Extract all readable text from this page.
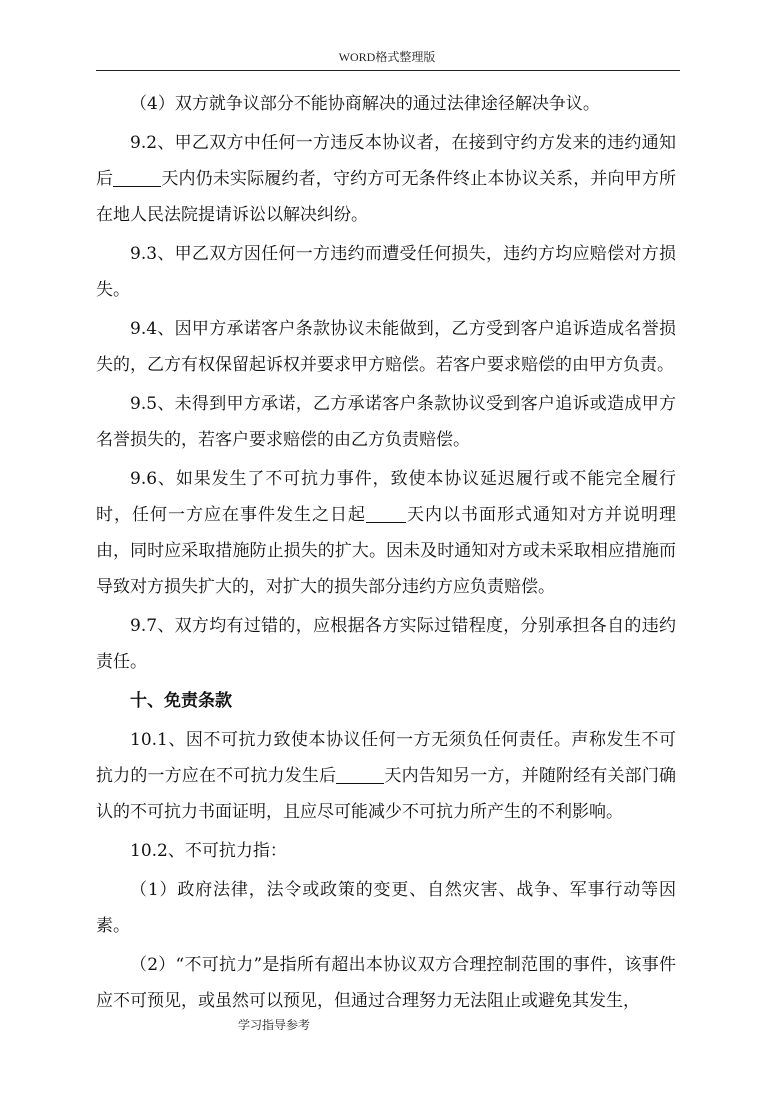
WORD格式整理版

（4）双方就争议部分不能协商解决的通过法律途径解决争议。

9.2、甲乙双方中任何一方违反本协议者，在接到守约方发来的违约通知后	天内仍未实际履约者，守约方可无条件终止本协议关系，并向甲方所在地人民法院提请诉讼以解决纠纷。

9.3、甲乙双方因任何一方违约而遭受任何损失，违约方均应赔偿对方损失。

9.4、因甲方承诺客户条款协议未能做到，乙方受到客户追诉造成名誉损失的，乙方有权保留起诉权并要求甲方赔偿。若客户要求赔偿的由甲方负责。

9.5、未得到甲方承诺，乙方承诺客户条款协议受到客户追诉或造成甲方名誉损失的，若客户要求赔偿的由乙方负责赔偿。

9.6、如果发生了不可抗力事件，致使本协议延迟履行或不能完全履行时，任何一方应在事件发生之日起 天内以书面形式通知对方并说明理由，同时应采取措施防止损失的扩大。因未及时通知对方或未采取相应措施而导致对方损失扩大的，对扩大的损失部分违约方应负责赔偿。

9.7、双方均有过错的，应根据各方实际过错程度，分别承担各自的违约责任。

十、免责条款

10.1、因不可抗力致使本协议任何一方无须负任何责任。声称发生不可抗力的一方应在不可抗力发生后	天内告知另一方，并随附经有关部门确认的不可抗力书面证明，且应尽可能减少不可抗力所产生的不利影响。

10.2、不可抗力指：

（1）政府法律，法令或政策的变更、自然灾害、战争、军事行动等因素。

（2）“不可抗力”是指所有超出本协议双方合理控制范围的事件，该事件应不可预见，或虽然可以预见，但通过合理努力无法阻止或避免其发生，

学习指导参考
